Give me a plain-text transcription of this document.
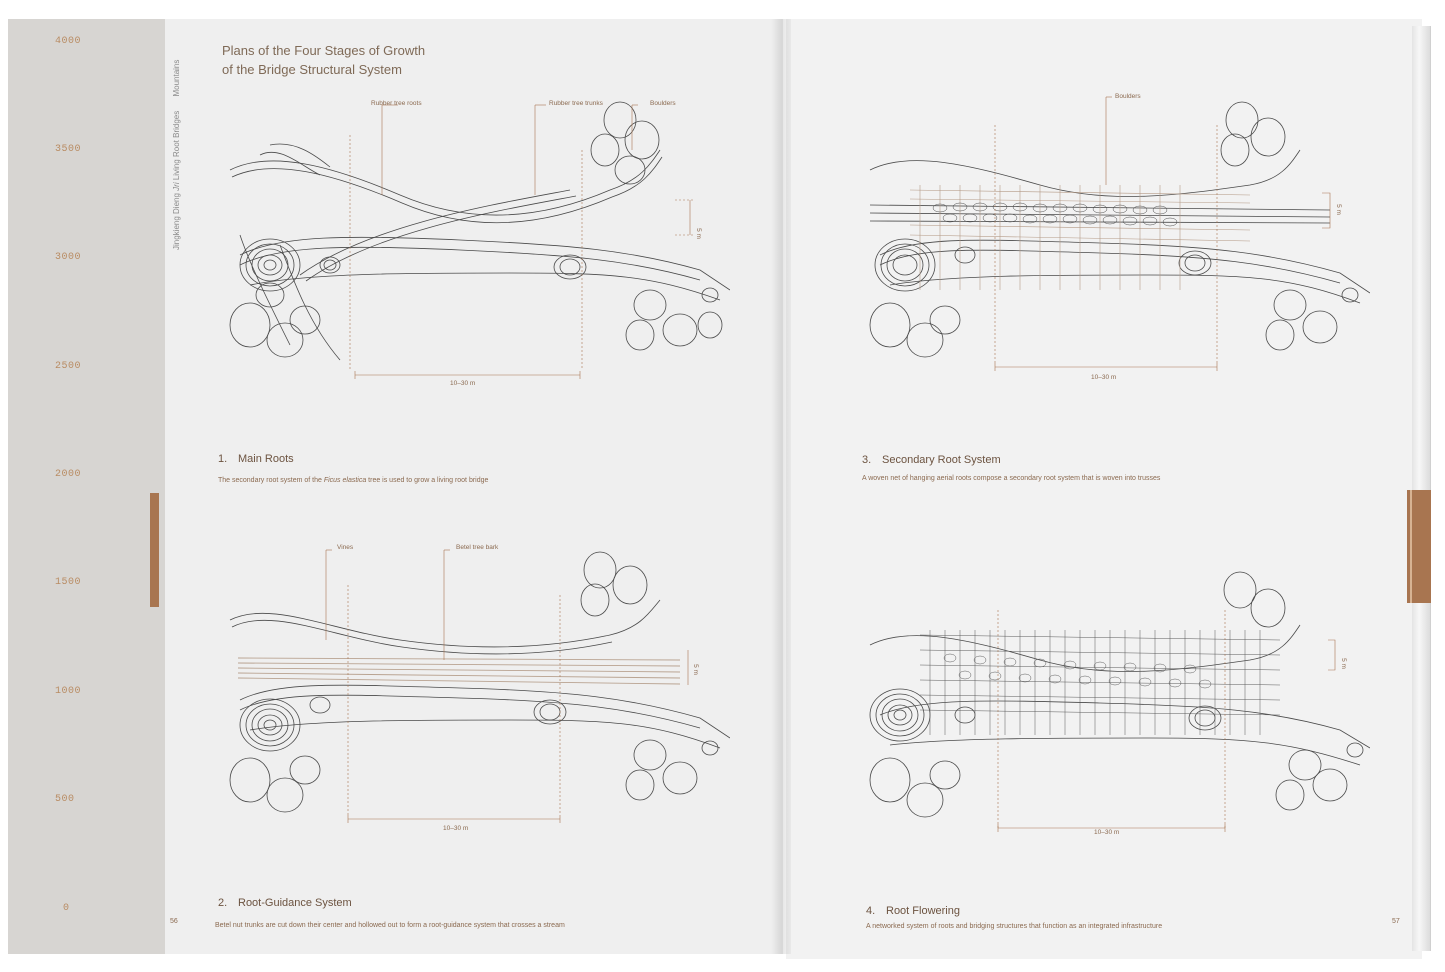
4000
3500
3000
2500
2000
1500
1000
500
0
Jingkieng Dieng Jri Living Root Bridges Mountains
Plans of the Four Stages of Growth
of the Bridge Structural System
Rubber tree roots	Rubber tree trunks	Boulders
10–30 m
5 m
1. Main Roots
The secondary root system of the Ficus elastica tree is used to grow a living root bridge
Vines	Betel tree bark
10–30 m
5 m
2. Root-Guidance System
Betel nut trunks are cut down their center and hollowed out to form a root-guidance system that crosses a stream
56
Boulders
10–30 m
5 m
3. Secondary Root System
A woven net of hanging aerial roots compose a secondary root system that is woven into trusses
10–30 m
5 m
4. Root Flowering
A networked system of roots and bridging structures that function as an integrated infrastructure
57
